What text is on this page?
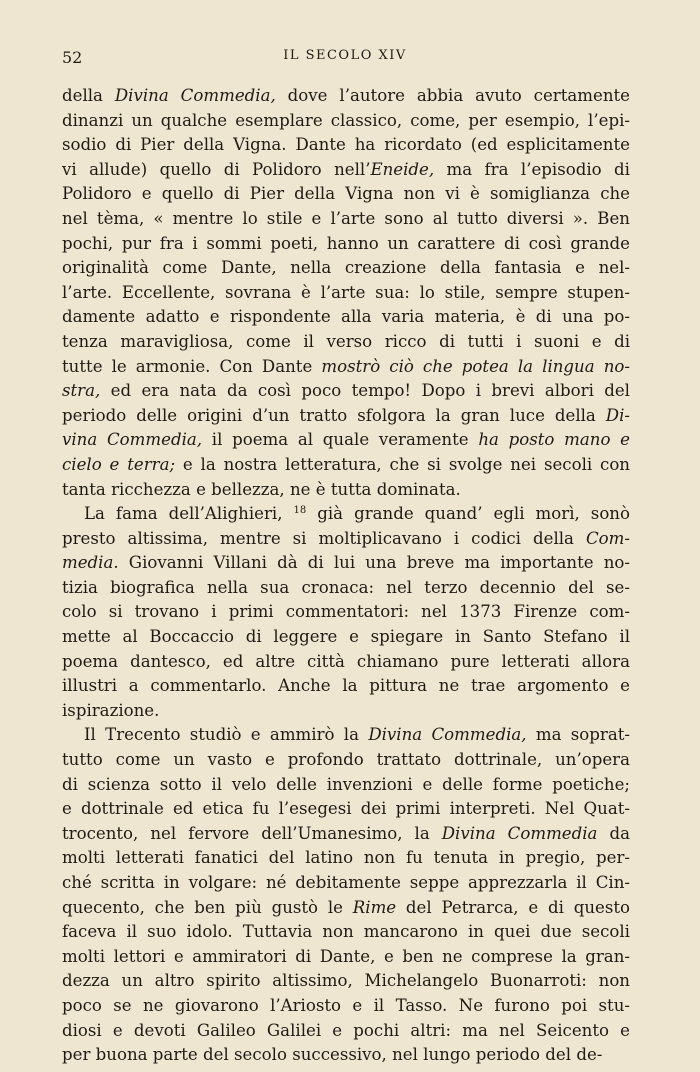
52	IL SECOLO XIV
della Divina Commedia, dove l’autore abbia avuto certamente
dinanzi un qualche esemplare classico, come, per esempio, l’epi-
sodio di Pier della Vigna. Dante ha ricordato (ed esplicitamente
vi allude) quello di Polidoro nell’Eneide, ma fra l’episodio di
Polidoro e quello di Pier della Vigna non vi è somiglianza che
nel tèma, « mentre lo stile e l’arte sono al tutto diversi ». Ben
pochi, pur fra i sommi poeti, hanno un carattere di così grande
originalità come Dante, nella creazione della fantasia e nel-
l’arte. Eccellente, sovrana è l’arte sua: lo stile, sempre stupen-
damente adatto e rispondente alla varia materia, è di una po-
tenza maravigliosa, come il verso ricco di tutti i suoni e di
tutte le armonie. Con Dante mostrò ciò che potea la lingua no-
stra, ed era nata da così poco tempo! Dopo i brevi albori del
periodo delle origini d’un tratto sfolgora la gran luce della Di-
vina Commedia, il poema al quale veramente ha posto mano e
cielo e terra; e la nostra letteratura, che si svolge nei secoli con
tanta ricchezza e bellezza, ne è tutta dominata.
La fama dell’Alighieri, $^{18}$ già grande quand’ egli morì, sonò
presto altissima, mentre si moltiplicavano i codici della Com-
media. Giovanni Villani dà di lui una breve ma importante no-
tizia biografica nella sua cronaca: nel terzo decennio del se-
colo si trovano i primi commentatori: nel 1373 Firenze com-
mette al Boccaccio di leggere e spiegare in Santo Stefano il
poema dantesco, ed altre città chiamano pure letterati allora
illustri a commentarlo. Anche la pittura ne trae argomento e
ispirazione.
Il Trecento studiò e ammirò la Divina Commedia, ma soprat-
tutto come un vasto e profondo trattato dottrinale, un’opera
di scienza sotto il velo delle invenzioni e delle forme poetiche;
e dottrinale ed etica fu l’esegesi dei primi interpreti. Nel Quat-
trocento, nel fervore dell’Umanesimo, la Divina Commedia da
molti letterati fanatici del latino non fu tenuta in pregio, per-
ché scritta in volgare: né debitamente seppe apprezzarla il Cin-
quecento, che ben più gustò le Rime del Petrarca, e di questo
faceva il suo idolo. Tuttavia non mancarono in quei due secoli
molti lettori e ammiratori di Dante, e ben ne comprese la gran-
dezza un altro spirito altissimo, Michelangelo Buonarroti: non
poco se ne giovarono l’Ariosto e il Tasso. Ne furono poi stu-
diosi e devoti Galileo Galilei e pochi altri: ma nel Seicento e
per buona parte del secolo successivo, nel lungo periodo del de-
